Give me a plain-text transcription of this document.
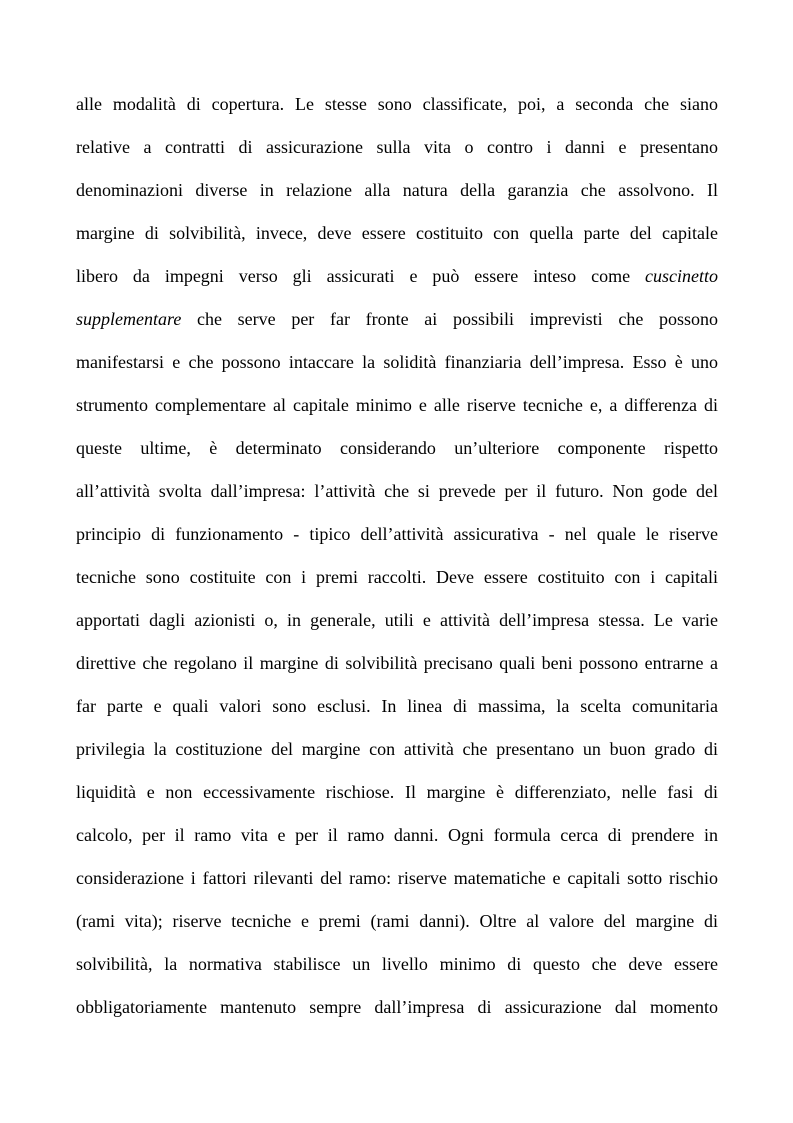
alle modalità di copertura. Le stesse sono classificate, poi, a seconda che siano
relative a contratti di assicurazione sulla vita o contro i danni e presentano
denominazioni diverse in relazione alla natura della garanzia che assolvono. Il
margine di solvibilità, invece, deve essere costituito con quella parte del capitale
libero da impegni verso gli assicurati e può essere inteso come cuscinetto
supplementare che serve per far fronte ai possibili imprevisti che possono
manifestarsi e che possono intaccare la solidità finanziaria dell’impresa. Esso è uno
strumento complementare al capitale minimo e alle riserve tecniche e, a differenza di
queste ultime, è determinato considerando un’ulteriore componente rispetto
all’attività svolta dall’impresa: l’attività che si prevede per il futuro. Non gode del
principio di funzionamento - tipico dell’attività assicurativa - nel quale le riserve
tecniche sono costituite con i premi raccolti. Deve essere costituito con i capitali
apportati dagli azionisti o, in generale, utili e attività dell’impresa stessa. Le varie
direttive che regolano il margine di solvibilità precisano quali beni possono entrarne a
far parte e quali valori sono esclusi. In linea di massima, la scelta comunitaria
privilegia la costituzione del margine con attività che presentano un buon grado di
liquidità e non eccessivamente rischiose. Il margine è differenziato, nelle fasi di
calcolo, per il ramo vita e per il ramo danni. Ogni formula cerca di prendere in
considerazione i fattori rilevanti del ramo: riserve matematiche e capitali sotto rischio
(rami vita); riserve tecniche e premi (rami danni). Oltre al valore del margine di
solvibilità, la normativa stabilisce un livello minimo di questo che deve essere
obbligatoriamente mantenuto sempre dall’impresa di assicurazione dal momento
